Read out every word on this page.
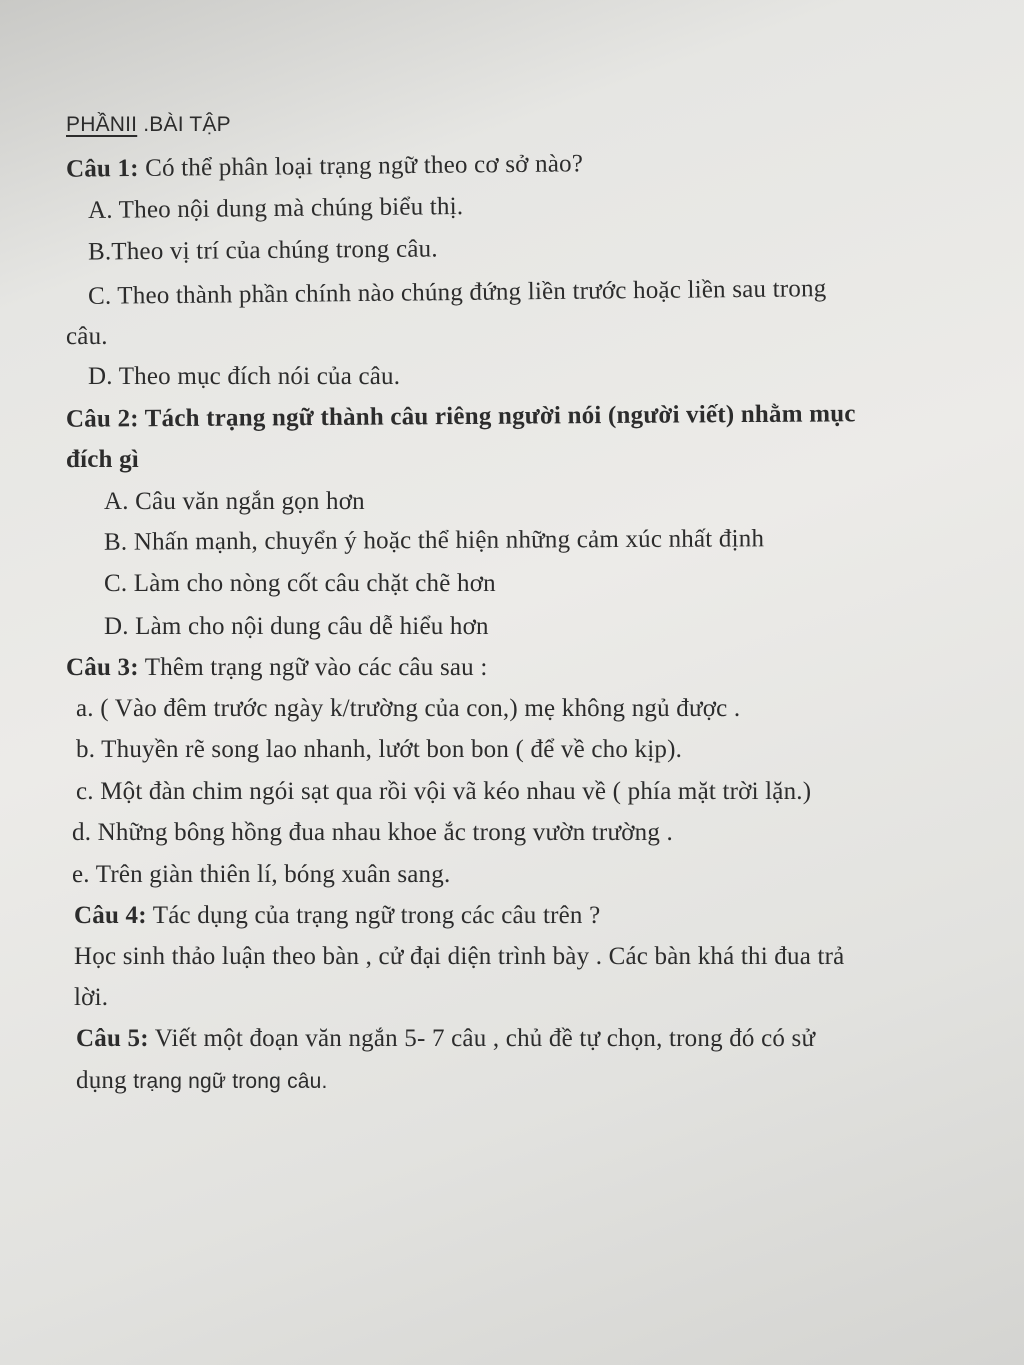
PHẦNII .BÀI TẬP
Câu 1: Có thể phân loại trạng ngữ theo cơ sở nào?
A. Theo nội dung mà chúng biểu thị.
B.Theo vị trí của chúng trong câu.
C. Theo thành phần chính nào chúng đứng liền trước hoặc liền sau trong
câu.
D. Theo mục đích nói của câu.
Câu 2: Tách trạng ngữ thành câu riêng người nói (người viết) nhằm mục
đích gì
A. Câu văn ngắn gọn hơn
B. Nhấn mạnh, chuyển ý hoặc thể hiện những cảm xúc nhất định
C. Làm cho nòng cốt câu chặt chẽ hơn
D. Làm cho nội dung câu dễ hiểu hơn
Câu 3: Thêm trạng ngữ vào các câu sau :
a. ( Vào đêm trước ngày k/trường của con,) mẹ không ngủ được .
b. Thuyền rẽ song lao nhanh, lướt bon bon ( để về cho kịp).
c. Một đàn chim ngói sạt qua rồi vội vã kéo nhau về ( phía mặt trời lặn.)
d. Những bông hồng đua nhau khoe ắc trong vườn trường .
e. Trên giàn thiên lí, bóng xuân sang.
Câu 4: Tác dụng của trạng ngữ trong các câu trên ?
Học sinh thảo luận theo bàn , cử đại diện trình bày . Các bàn khá thi đua trả
lời.
Câu 5: Viết một đoạn văn ngắn 5- 7 câu , chủ đề tự chọn, trong đó có sử
dụng trạng ngữ trong câu.
